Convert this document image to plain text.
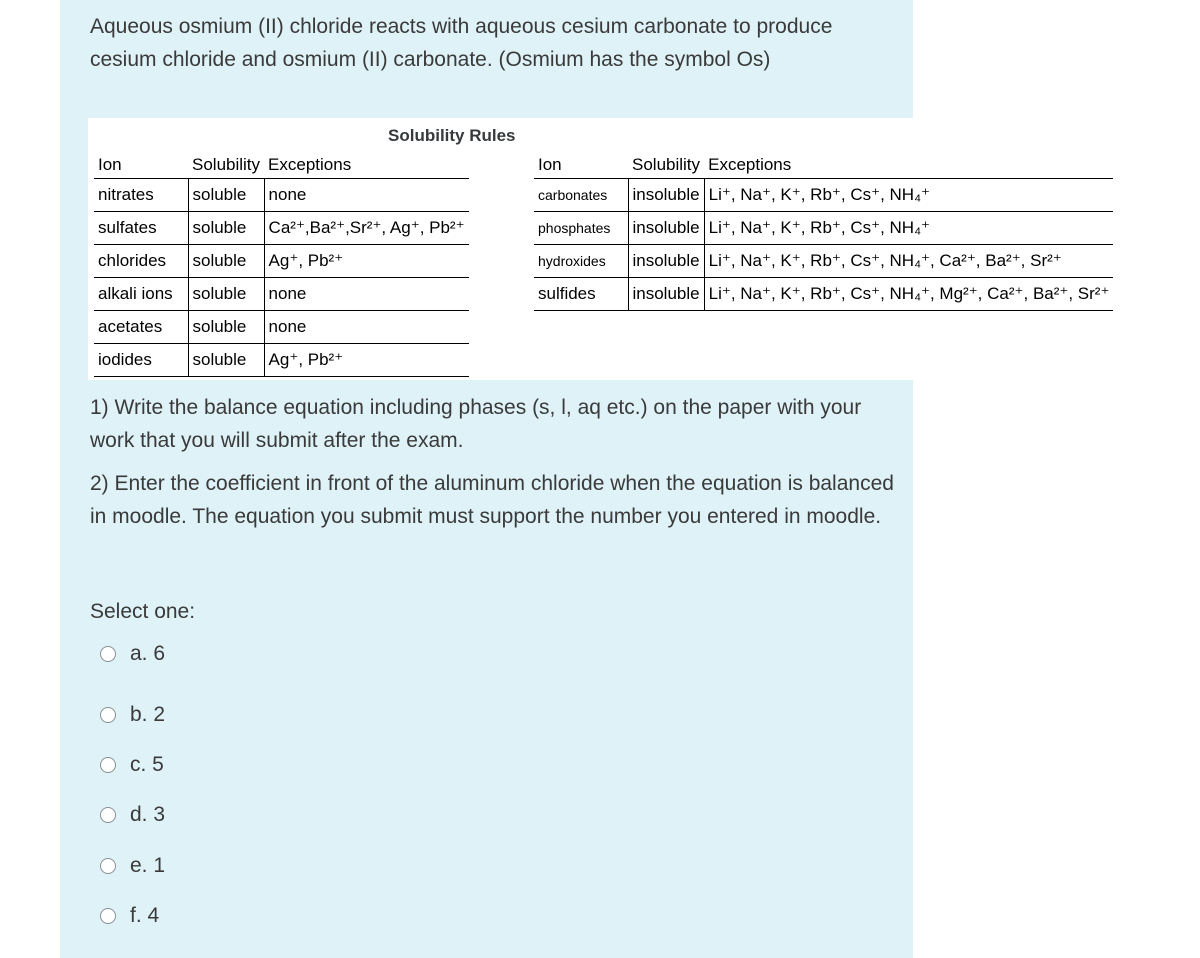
Aqueous osmium (II) chloride reacts with aqueous cesium carbonate to produce cesium chloride and osmium (II) carbonate. (Osmium has the symbol Os)
Solubility Rules
Ion	Solubility	Exceptions
nitrates	soluble	none
sulfates	soluble	Ca²⁺,Ba²⁺,Sr²⁺, Ag⁺, Pb²⁺
chlorides	soluble	Ag⁺, Pb²⁺
alkali ions	soluble	none
acetates	soluble	none
iodides	soluble	Ag⁺, Pb²⁺
Ion	Solubility	Exceptions
carbonates	insoluble	Li⁺, Na⁺, K⁺, Rb⁺, Cs⁺, NH₄⁺
phosphates	insoluble	Li⁺, Na⁺, K⁺, Rb⁺, Cs⁺, NH₄⁺
hydroxides	insoluble	Li⁺, Na⁺, K⁺, Rb⁺, Cs⁺, NH₄⁺, Ca²⁺, Ba²⁺, Sr²⁺
sulfides	insoluble	Li⁺, Na⁺, K⁺, Rb⁺, Cs⁺, NH₄⁺, Mg²⁺, Ca²⁺, Ba²⁺, Sr²⁺
1) Write the balance equation including phases (s, l, aq etc.) on the paper with your work that you will submit after the exam.
2) Enter the coefficient in front of the aluminum chloride when the equation is balanced in moodle. The equation you submit must support the number you entered in moodle.
Select one:
a. 6
b. 2
c. 5
d. 3
e. 1
f. 4
